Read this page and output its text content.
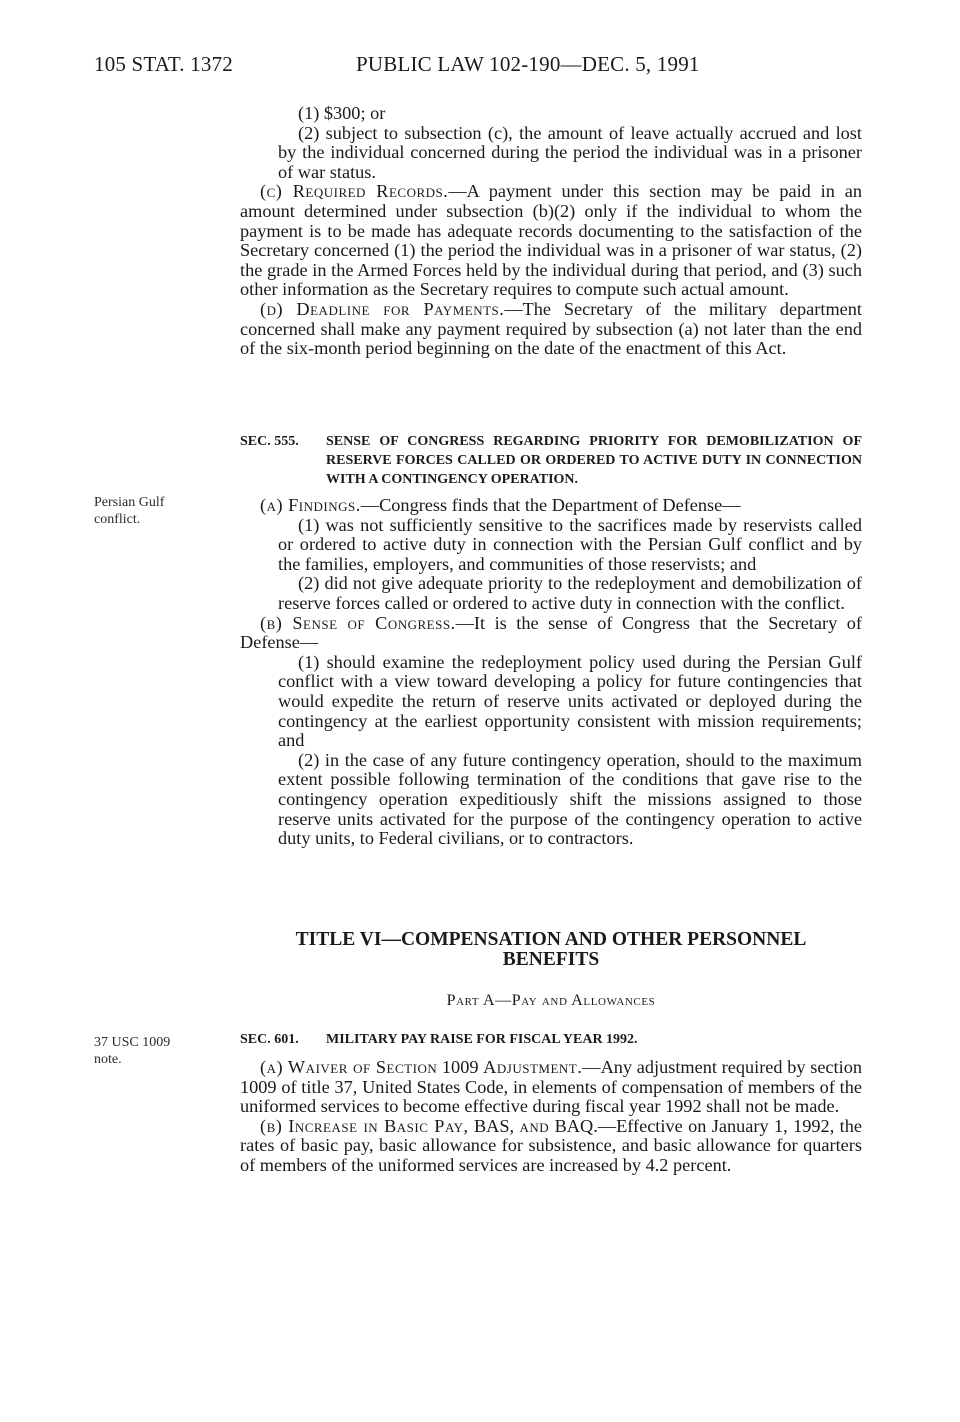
105 STAT. 1372	PUBLIC LAW 102-190—DEC. 5, 1991
Persian Gulf conflict.
37 USC 1009 note.

(1) $300; or

(2) subject to subsection (c), the amount of leave actually accrued and lost by the individual concerned during the period the individual was in a prisoner of war status.

(c) Required Records.—A payment under this section may be paid in an amount determined under subsection (b)(2) only if the individual to whom the payment is to be made has adequate records documenting to the satisfaction of the Secretary concerned (1) the period the individual was in a prisoner of war status, (2) the grade in the Armed Forces held by the individual during that period, and (3) such other information as the Secretary requires to compute such actual amount.

(d) Deadline for Payments.—The Secretary of the military department concerned shall make any payment required by subsection (a) not later than the end of the six-month period beginning on the date of the enactment of this Act.

SEC. 555. SENSE OF CONGRESS REGARDING PRIORITY FOR DEMOBILIZATION OF RESERVE FORCES CALLED OR ORDERED TO ACTIVE DUTY IN CONNECTION WITH A CONTINGENCY OPERATION.

(a) Findings.—Congress finds that the Department of Defense—

(1) was not sufficiently sensitive to the sacrifices made by reservists called or ordered to active duty in connection with the Persian Gulf conflict and by the families, employers, and communities of those reservists; and

(2) did not give adequate priority to the redeployment and demobilization of reserve forces called or ordered to active duty in connection with the conflict.

(b) Sense of Congress.—It is the sense of Congress that the Secretary of Defense—

(1) should examine the redeployment policy used during the Persian Gulf conflict with a view toward developing a policy for future contingencies that would expedite the return of reserve units activated or deployed during the contingency at the earliest opportunity consistent with mission requirements; and

(2) in the case of any future contingency operation, should to the maximum extent possible following termination of the conditions that gave rise to the contingency operation expeditiously shift the missions assigned to those reserve units activated for the purpose of the contingency operation to active duty units, to Federal civilians, or to contractors.

TITLE VI—COMPENSATION AND OTHER PERSONNEL
BENEFITS
Part A—Pay and Allowances
SEC. 601. MILITARY PAY RAISE FOR FISCAL YEAR 1992.

(a) Waiver of Section 1009 Adjustment.—Any adjustment required by section 1009 of title 37, United States Code, in elements of compensation of members of the uniformed services to become effective during fiscal year 1992 shall not be made.

(b) Increase in Basic Pay, BAS, and BAQ.—Effective on January 1, 1992, the rates of basic pay, basic allowance for subsistence, and basic allowance for quarters of members of the uniformed services are increased by 4.2 percent.
